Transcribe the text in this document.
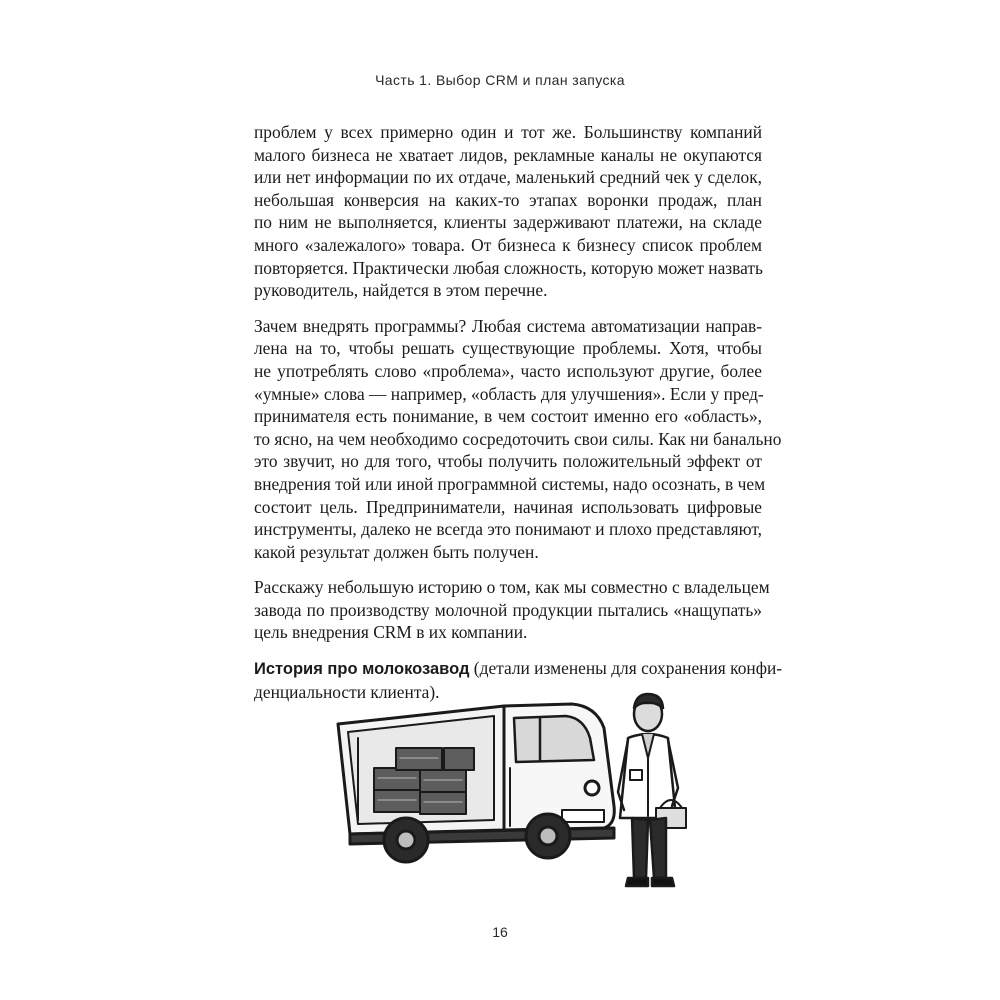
Часть 1. Выбор CRM и план запуска

проблем у всех примерно один и тот же. Большинству компаний
малого бизнеса не хватает лидов, рекламные каналы не окупаются
или нет информации по их отдаче, маленький средний чек у сделок,
небольшая конверсия на каких-то этапах воронки продаж, план
по ним не выполняется, клиенты задерживают платежи, на складе
много «залежалого» товара. От бизнеса к бизнесу список проблем
повторяется. Практически любая сложность, которую может назвать
руководитель, найдется в этом перечне.

Зачем внедрять программы? Любая система автоматизации направ-
лена на то, чтобы решать существующие проблемы. Хотя, чтобы
не употреблять слово «проблема», часто используют другие, более
«умные» слова — например, «область для улучшения». Если у пред-
принимателя есть понимание, в чем состоит именно его «область»,
то ясно, на чем необходимо сосредоточить свои силы. Как ни банально
это звучит, но для того, чтобы получить положительный эффект от
внедрения той или иной программной системы, надо осознать, в чем
состоит цель. Предприниматели, начиная использовать цифровые
инструменты, далеко не всегда это понимают и плохо представляют,
какой результат должен быть получен.

Расскажу небольшую историю о том, как мы совместно с владельцем
завода по производству молочной продукции пытались «нащупать»
цель внедрения CRM в их компании.

История про молокозавод (детали изменены для сохранения конфи-
денциальности клиента).

16
